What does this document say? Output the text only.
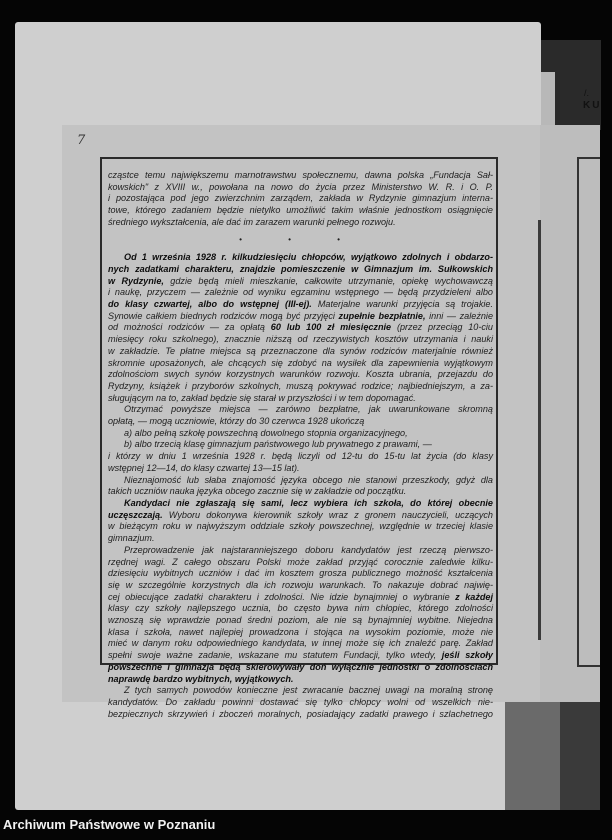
/.
KU
7
cząstce temu największemu marnotrawstwu społecznemu, dawna polska „Fundacja Sał-
kowskich" z XVIII w., powołana na nowo do życia przez Ministerstwo W. R. i O. P.
i pozostająca pod jego zwierzchnim zarządem, zakłada w Rydzynie gimnazjum interna-
towe, którego zadaniem będzie nietylko umożliwić takim właśnie jednostkom osiągnięcie
średniego wykształcenia, ale dać im zarazem warunki pełnego rozwoju.
• • •
Od 1 września 1928 r. kilkudziesięciu chłopców, wyjątkowo zdolnych i obdarzo-
nych zadatkami charakteru, znajdzie pomieszczenie w Gimnazjum im. Sułkowskich
w Rydzynie, gdzie będą mieli mieszkanie, całkowite utrzymanie, opiekę wychowawczą
i naukę, przyczem — zależnie od wyniku egzaminu wstępnego — będą przydzieleni albo
do klasy czwartej, albo do wstępnej (III-ej). Materjalne warunki przyjęcia są trojakie.
Synowie całkiem biednych rodziców mogą być przyjęci zupełnie bezpłatnie, inni — zależnie
od możności rodziców — za opłatą 60 lub 100 zł miesięcznie (przez przeciąg 10-ciu
miesięcy roku szkolnego), znacznie niższą od rzeczywistych kosztów utrzymania i nauki
w zakładzie. Te płatne miejsca są przeznaczone dla synów rodziców materjalnie również
skromnie uposażonych, ale chcących się zdobyć na wysiłek dla zapewnienia wyjątkowym
zdolnościom swych synów korzystnych warunków rozwoju. Koszta ubrania, przejazdu do
Rydzyny, książek i przyborów szkolnych, muszą pokrywać rodzice; najbiedniejszym, a za-
sługującym na to, zakład będzie się starał w przyszłości i w tem dopomagać.
Otrzymać powyższe miejsca — zarówno bezpłatne, jak uwarunkowane skromną
opłatą, — mogą uczniowie, którzy do 30 czerwca 1928 ukończą
a) albo pełną szkołę powszechną dowolnego stopnia organizacyjnego,
b) albo trzecią klasę gimnazjum państwowego lub prywatnego z prawami, —
i którzy w dniu 1 września 1928 r. będą liczyli od 12-tu do 15-tu lat życia (do klasy
wstępnej 12—14, do klasy czwartej 13—15 lat).
Nieznajomość lub słaba znajomość języka obcego nie stanowi przeszkody, gdyż dla
takich uczniów nauka języka obcego zacznie się w zakładzie od początku.
Kandydaci nie zgłaszają się sami, lecz wybiera ich szkoła, do której obecnie
uczęszczają. Wyboru dokonywa kierownik szkoły wraz z gronem nauczycieli, uczących
w bieżącym roku w najwyższym oddziale szkoły powszechnej, względnie w trzeciej klasie
gimnazjum.
Przeprowadzenie jak najstaranniejszego doboru kandydatów jest rzeczą pierwszo-
rzędnej wagi. Z całego obszaru Polski może zakład przyjąć corocznie zaledwie kilku-
dziesięciu wybitnych uczniów i dać im kosztem grosza publicznego możność kształcenia
się w szczególnie korzystnych dla ich rozwoju warunkach. To nakazuje dobrać najwię-
cej obiecujące zadatki charakteru i zdolności. Nie idzie bynajmniej o wybranie z każdej
klasy czy szkoły najlepszego ucznia, bo często bywa nim chłopiec, którego zdolności
wznoszą się wprawdzie ponad średni poziom, ale nie są bynajmniej wybitne. Niejedna
klasa i szkoła, nawet najlepiej prowadzona i stojąca na wysokim poziomie, może nie
mieć w danym roku odpowiedniego kandydata, w innej może się ich znaleźć parę. Zakład
spełni swoje ważne zadanie, wskazane mu statutem Fundacji, tylko wtedy, jeśli szkoły
powszechne i gimnazja będą skierowywały doń wyłącznie jednostki o zdolnościach
naprawdę bardzo wybitnych, wyjątkowych.
Z tych samych powodów konieczne jest zwracanie bacznej uwagi na moralną stronę
kandydatów. Do zakładu powinni dostawać się tylko chłopcy wolni od wszelkich nie-
bezpiecznych skrzywień i zboczeń moralnych, posiadający zadatki prawego i szlachetnego
Archiwum Państwowe w Poznaniu
